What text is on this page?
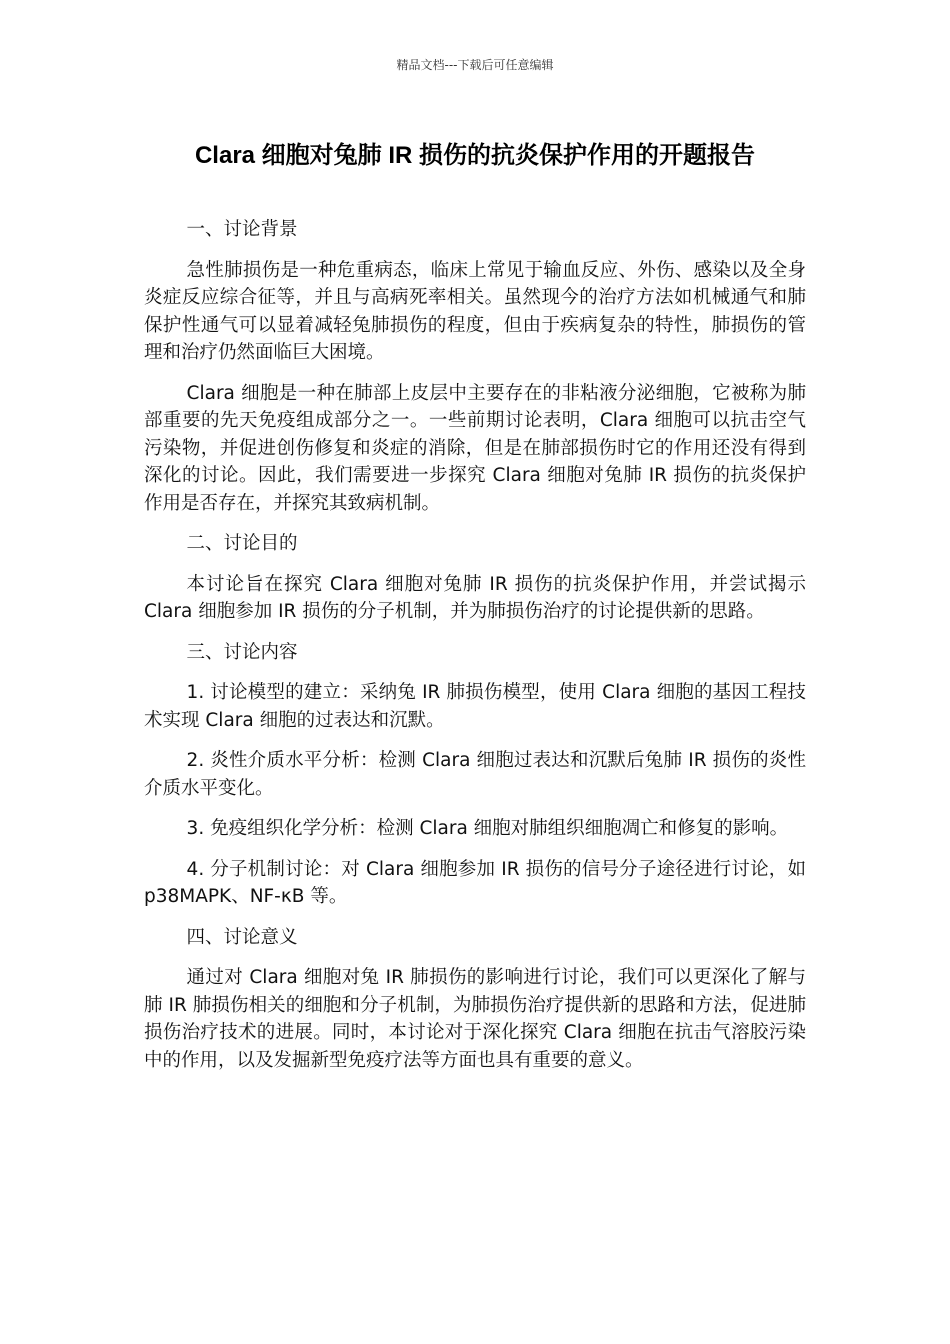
精品文档---下载后可任意编辑
Clara 细胞对兔肺 IR 损伤的抗炎保护作用的开题报告

一、讨论背景

急性肺损伤是一种危重病态，临床上常见于输血反应、外伤、感染以及全身炎症反应综合征等，并且与高病死率相关。虽然现今的治疗方法如机械通气和肺保护性通气可以显着减轻兔肺损伤的程度，但由于疾病复杂的特性，肺损伤的管理和治疗仍然面临巨大困境。

Clara 细胞是一种在肺部上皮层中主要存在的非粘液分泌细胞，它被称为肺部重要的先天免疫组成部分之一。一些前期讨论表明，Clara 细胞可以抗击空气污染物，并促进创伤修复和炎症的消除，但是在肺部损伤时它的作用还没有得到深化的讨论。因此，我们需要进一步探究 Clara 细胞对兔肺 IR 损伤的抗炎保护作用是否存在，并探究其致病机制。

二、讨论目的

本讨论旨在探究 Clara 细胞对兔肺 IR 损伤的抗炎保护作用，并尝试揭示 Clara 细胞参加 IR 损伤的分子机制，并为肺损伤治疗的讨论提供新的思路。

三、讨论内容

1. 讨论模型的建立：采纳兔 IR 肺损伤模型，使用 Clara 细胞的基因工程技术实现 Clara 细胞的过表达和沉默。

2. 炎性介质水平分析：检测 Clara 细胞过表达和沉默后兔肺 IR 损伤的炎性介质水平变化。

3. 免疫组织化学分析：检测 Clara 细胞对肺组织细胞凋亡和修复的影响。

4. 分子机制讨论：对 Clara 细胞参加 IR 损伤的信号分子途径进行讨论，如 p38MAPK、NF-κB 等。

四、讨论意义

通过对 Clara 细胞对兔 IR 肺损伤的影响进行讨论，我们可以更深化了解与肺 IR 肺损伤相关的细胞和分子机制，为肺损伤治疗提供新的思路和方法，促进肺损伤治疗技术的进展。同时，本讨论对于深化探究 Clara 细胞在抗击气溶胶污染中的作用，以及发掘新型免疫疗法等方面也具有重要的意义。
